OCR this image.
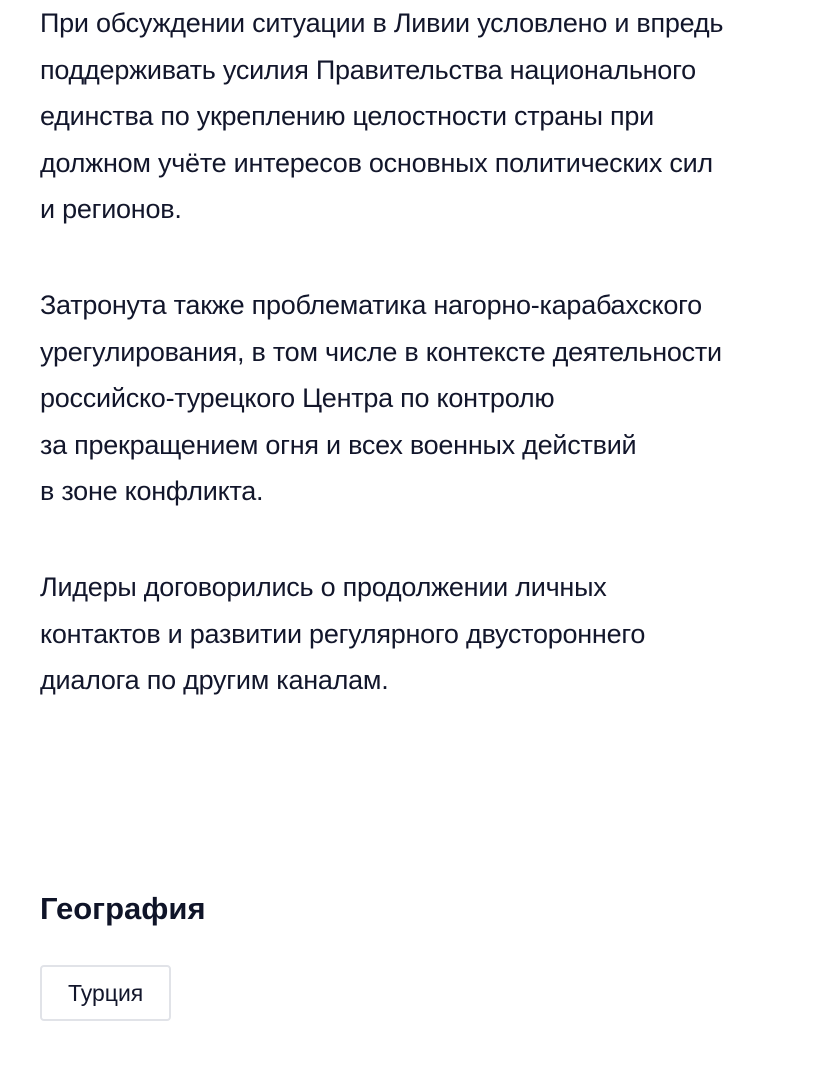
При обсуждении ситуации в Ливии условлено и впредь
поддерживать усилия Правительства национального
единства по укреплению целостности страны при
должном учёте интересов основных политических сил
и регионов.

Затронута также проблематика нагорно-карабахского
урегулирования, в том числе в контексте деятельности
российско-турецкого Центра по контролю
за прекращением огня и всех военных действий
в зоне конфликта.

Лидеры договорились о продолжении личных
контактов и развитии регулярного двустороннего
диалога по другим каналам.

География
Турция
